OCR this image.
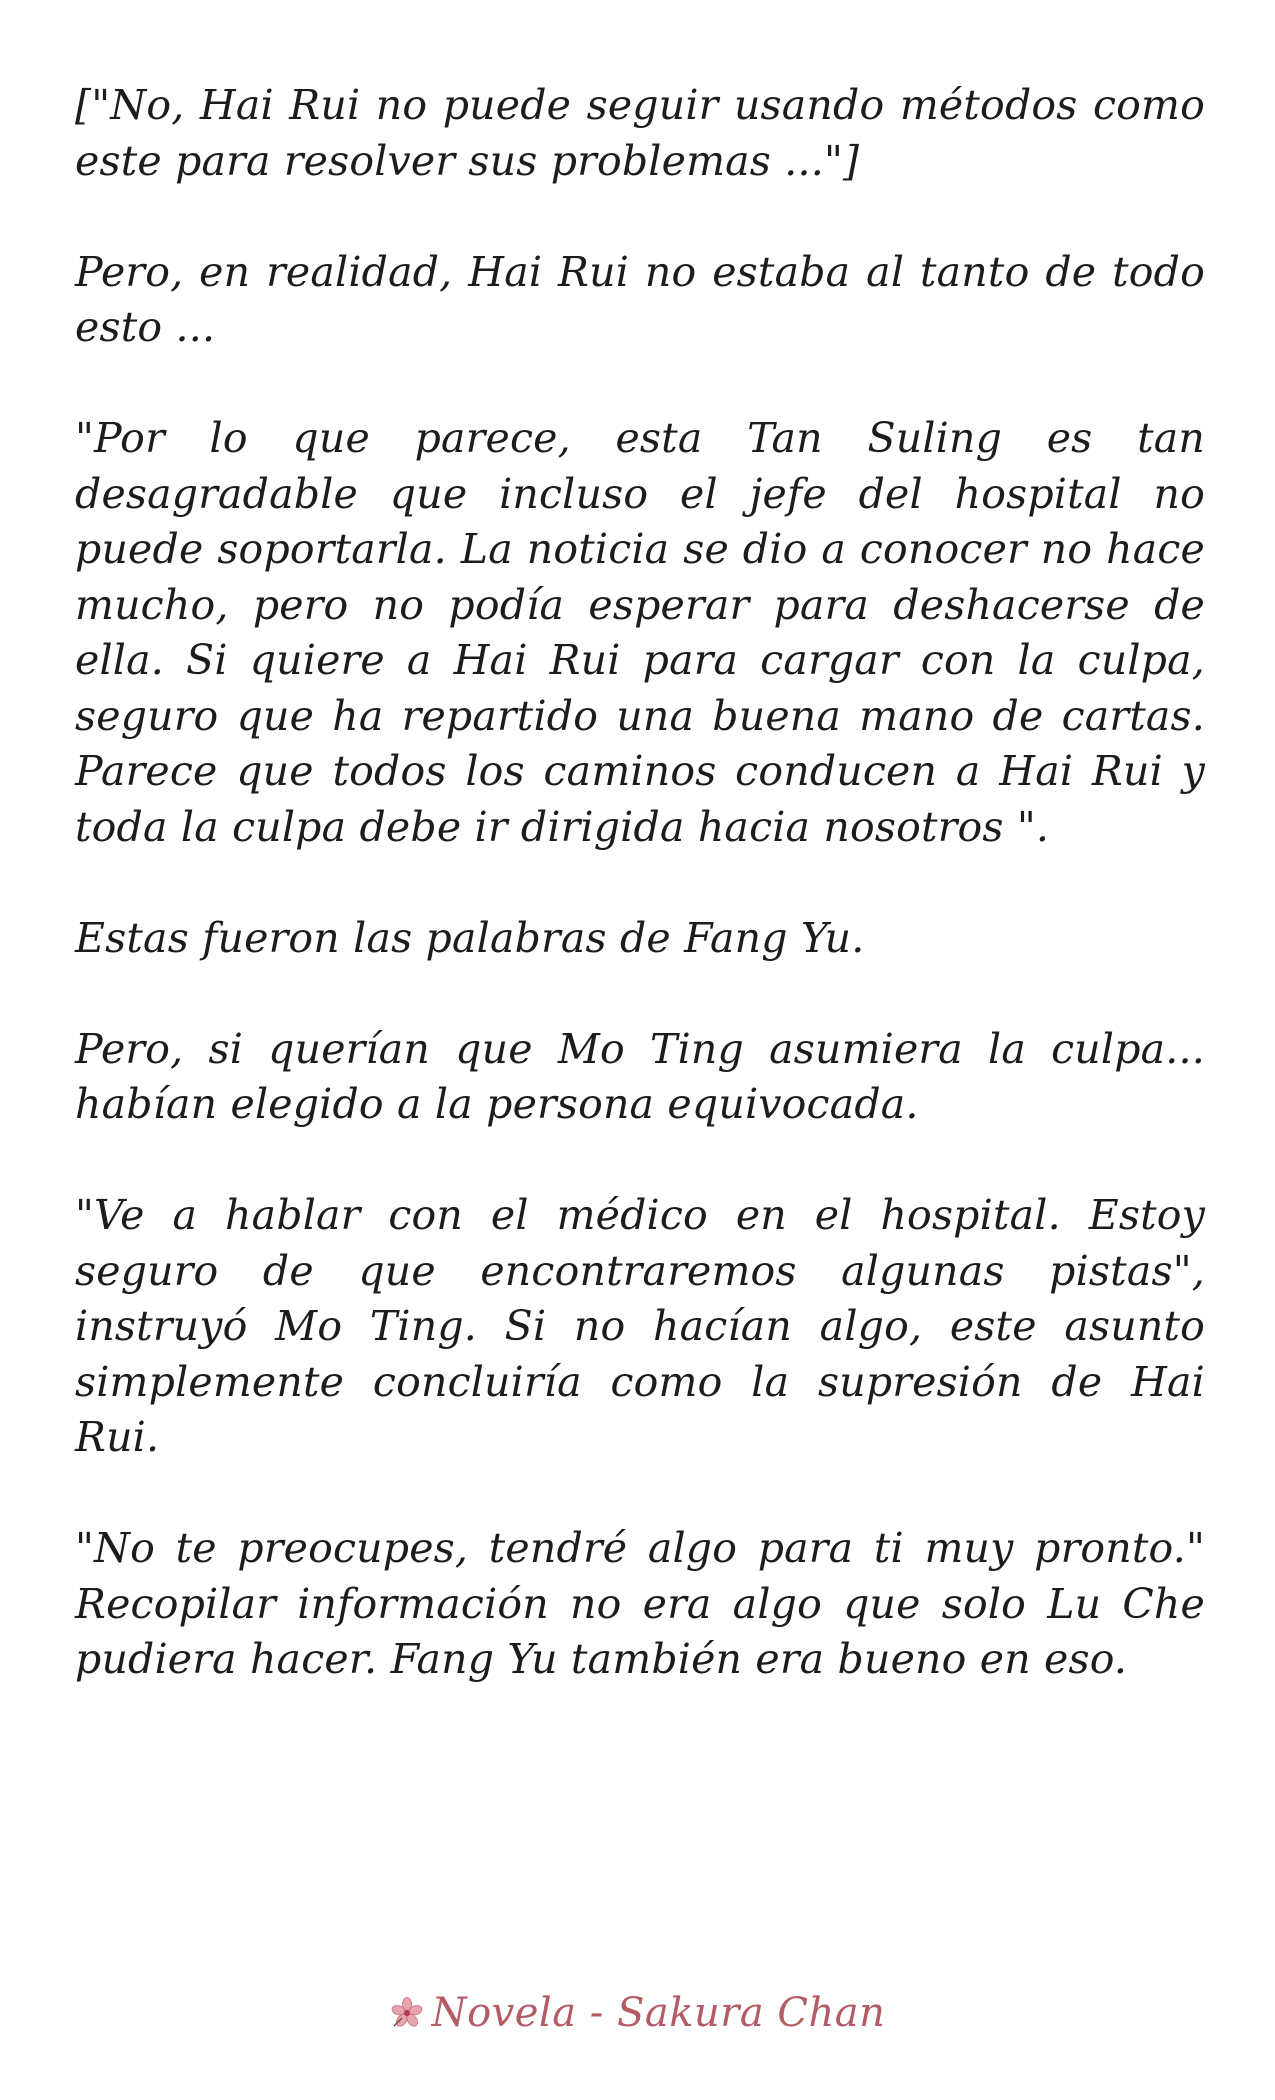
["No, Hai Rui no puede seguir usando métodos como este para resolver sus problemas ..."]

Pero, en realidad, Hai Rui no estaba al tanto de todo esto ...

"Por lo que parece, esta Tan Suling es tan desagradable que incluso el jefe del hospital no puede soportarla. La noticia se dio a conocer no hace mucho, pero no podía esperar para deshacerse de ella. Si quiere a Hai Rui para cargar con la culpa, seguro que ha repartido una buena mano de cartas. Parece que todos los caminos conducen a Hai Rui y toda la culpa debe ir dirigida hacia nosotros ".

Estas fueron las palabras de Fang Yu.

Pero, si querían que Mo Ting asumiera la culpa... habían elegido a la persona equivocada.

"Ve a hablar con el médico en el hospital. Estoy seguro de que encontraremos algunas pistas", instruyó Mo Ting. Si no hacían algo, este asunto simplemente concluiría como la supresión de Hai Rui.

"No te preocupes, tendré algo para ti muy pronto." Recopilar información no era algo que solo Lu Che pudiera hacer. Fang Yu también era bueno en eso.

Novela - Sakura Chan
